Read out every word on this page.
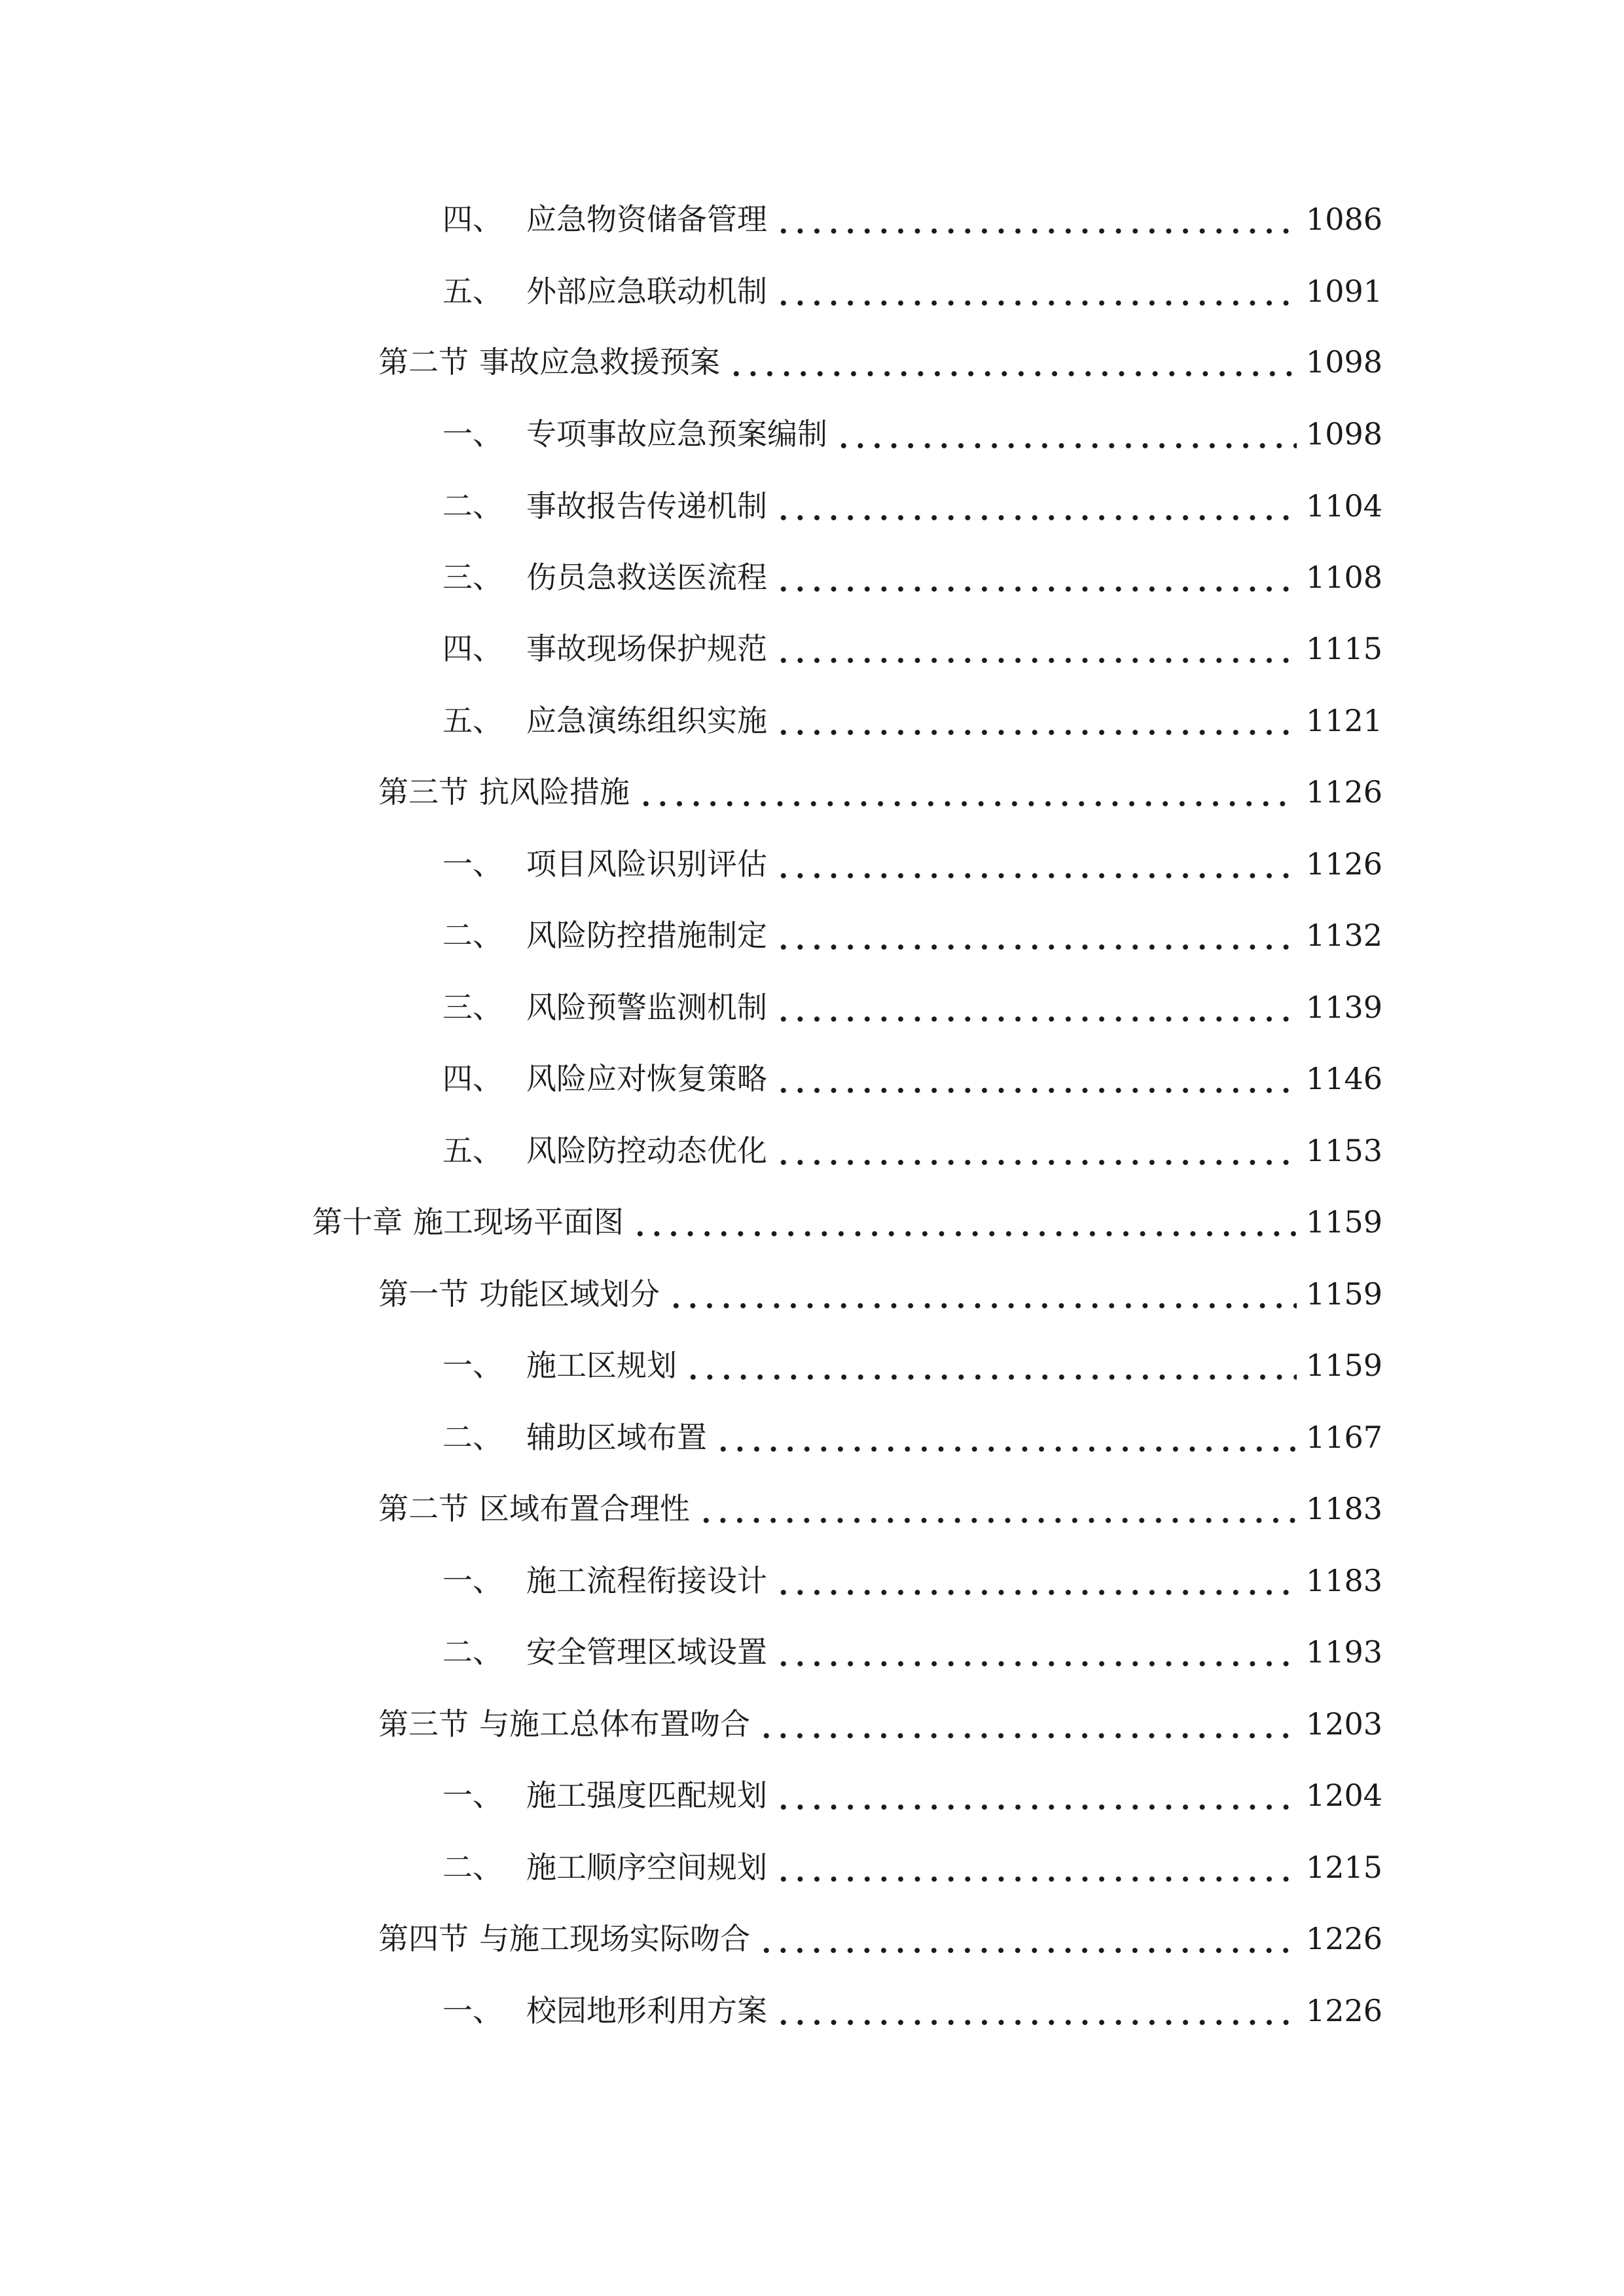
四、 应急物资储备管理	1086
五、 外部应急联动机制	1091
第二节 事故应急救援预案	1098
一、 专项事故应急预案编制	1098
二、 事故报告传递机制	1104
三、 伤员急救送医流程	1108
四、 事故现场保护规范	1115
五、 应急演练组织实施	1121
第三节 抗风险措施	1126
一、 项目风险识别评估	1126
二、 风险防控措施制定	1132
三、 风险预警监测机制	1139
四、 风险应对恢复策略	1146
五、 风险防控动态优化	1153
第十章 施工现场平面图	1159
第一节 功能区域划分	1159
一、 施工区规划	1159
二、 辅助区域布置	1167
第二节 区域布置合理性	1183
一、 施工流程衔接设计	1183
二、 安全管理区域设置	1193
第三节 与施工总体布置吻合	1203
一、 施工强度匹配规划	1204
二、 施工顺序空间规划	1215
第四节 与施工现场实际吻合	1226
一、 校园地形利用方案	1226
